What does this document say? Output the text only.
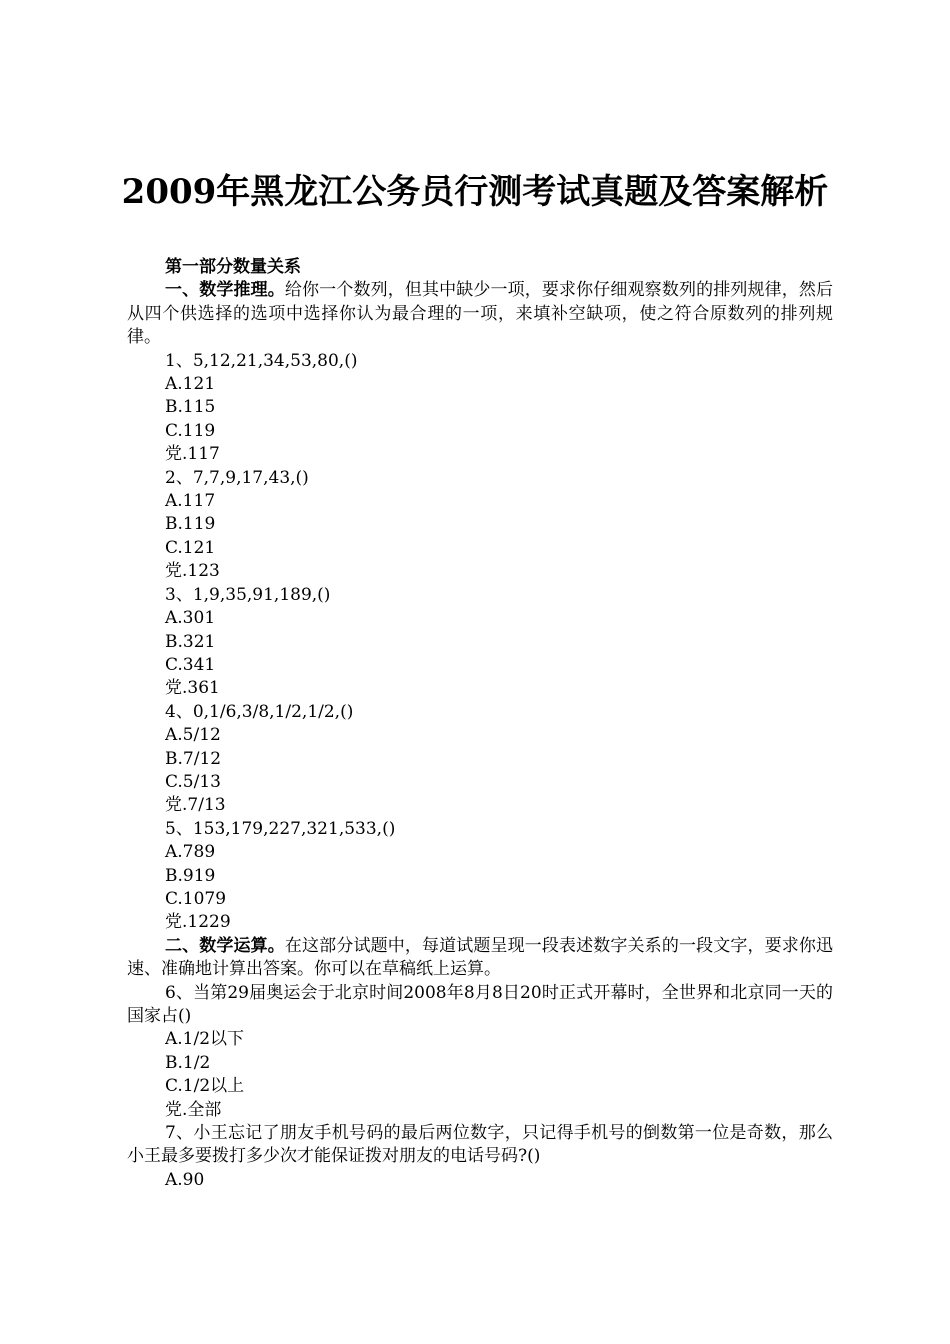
2009年黑龙江公务员行测考试真题及答案解析

第一部分数量关系

一、数学推理。给你一个数列，但其中缺少一项，要求你仔细观察数列的排列规律，然后从四个供选择的选项中选择你认为最合理的一项，来填补空缺项，使之符合原数列的排列规律。

1、5,12,21,34,53,80,()

A.121

B.115

C.119

党.117

2、7,7,9,17,43,()

A.117

B.119

C.121

党.123

3、1,9,35,91,189,()

A.301

B.321

C.341

党.361

4、0,1/6,3/8,1/2,1/2,()

A.5/12

B.7/12

C.5/13

党.7/13

5、153,179,227,321,533,()

A.789

B.919

C.1079

党.1229

二、数学运算。在这部分试题中，每道试题呈现一段表述数字关系的一段文字，要求你迅速、准确地计算出答案。你可以在草稿纸上运算。

6、当第29届奥运会于北京时间2008年8月8日20时正式开幕时，全世界和北京同一天的国家占()

A.1/2以下

B.1/2

C.1/2以上

党.全部

7、小王忘记了朋友手机号码的最后两位数字，只记得手机号的倒数第一位是奇数，那么小王最多要拨打多少次才能保证拨对朋友的电话号码?()

A.90
